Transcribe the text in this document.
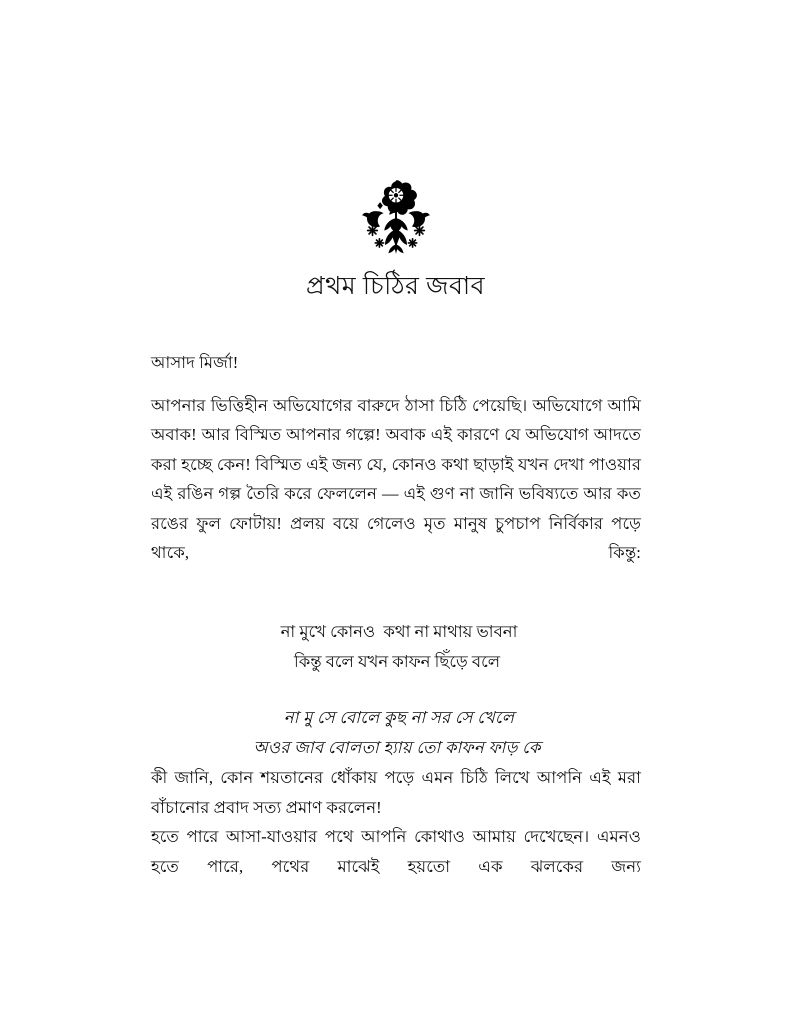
প্রথম চিঠির জবাব

আসাদ মির্জা!

আপনার ভিত্তিহীন অভিযোগের বারুদে ঠাসা চিঠি পেয়েছি। অভিযোগে আমি অবাক! আর বিস্মিত আপনার গল্পে! অবাক এই কারণে যে অভিযোগ আদতে করা হচ্ছে কেন! বিস্মিত এই জন্য যে, কোনও কথা ছাড়াই যখন দেখা পাওয়ার এই রঙিন গল্প তৈরি করে ফেললেন — এই গুণ না জানি ভবিষ্যতে আর কত রঙের ফুল ফোটায়! প্রলয় বয়ে গেলেও মৃত মানুষ চুপচাপ নির্বিকার পড়ে থাকে, কিন্তু:

না মুখে কোনও  কথা না মাথায় ভাবনা
কিন্তু বলে যখন কাফন ছিঁড়ে বলে
না মু সে বোলে কুছ না সর সে খেলে
অওর জাব বোলতা হ্যায় তো কাফন ফাড় কে

কী জানি, কোন শয়তানের ধোঁকায় পড়ে এমন চিঠি লিখে আপনি এই মরা বাঁচানোর প্রবাদ সত্য প্রমাণ করলেন!

হতে পারে আসা-যাওয়ার পথে আপনি কোথাও আমায় দেখেছেন। এমনও হতে পারে, পথের মাঝেই হয়তো এক ঝলকের জন্য
